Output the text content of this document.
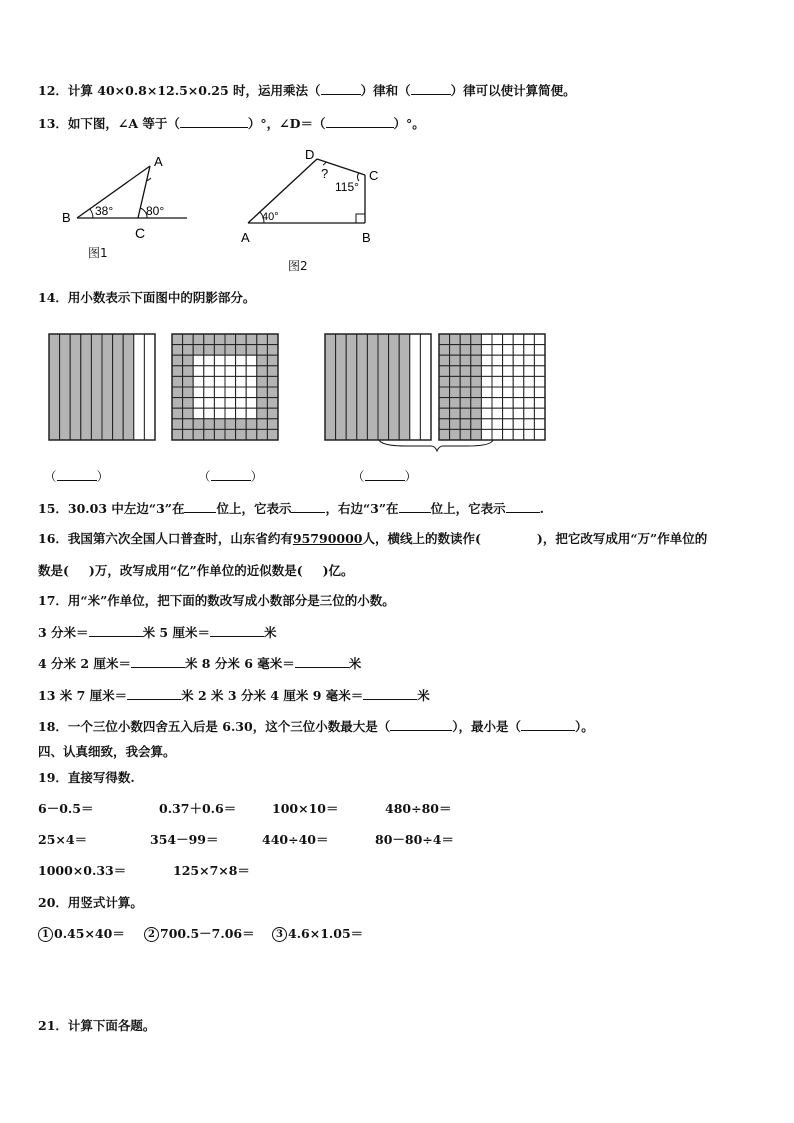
12．计算 40×0.8×12.5×0.25 时，运用乘法（	）律和（	）律可以使计算简便。
13．如下图，∠A 等于（	）°，∠D＝（	）°。
A
B
C
38°	80°
图1
D
C
A	B
?
115°
40°
图2
14．用小数表示下面图中的阴影部分。
（	）	（	）	（	）
15．30.03 中左边“3”在	位上，它表示	，右边“3”在	位上，它表示	.
16．我国第六次全国人口普查时，山东省约有95790000人，横线上的数读作(	)，把它改写成用“万”作单位的
数是( )万，改写成用“亿”作单位的近似数是( )亿。
17．用“米”作单位，把下面的数改写成小数部分是三位的小数。
3 分米＝	米 5 厘米＝	米
4 分米 2 厘米＝	米 8 分米 6 毫米＝	米
13 米 7 厘米＝	米 2 米 3 分米 4 厘米 9 毫米＝	米
18．一个三位小数四舍五入后是 6.30，这个三位小数最大是（	），最小是（	）。
四、认真细致，我会算。
19．直接写得数.
6－0.5＝	0.37＋0.6＝	100×10＝	480÷80＝
25×4＝	354－99＝	440÷40＝	80－80÷4＝
1000×0.33＝	125×7×8＝
20．用竖式计算。
1 0.45×40＝	2 700.5－7.06＝	3 4.6×1.05＝
21．计算下面各题。
